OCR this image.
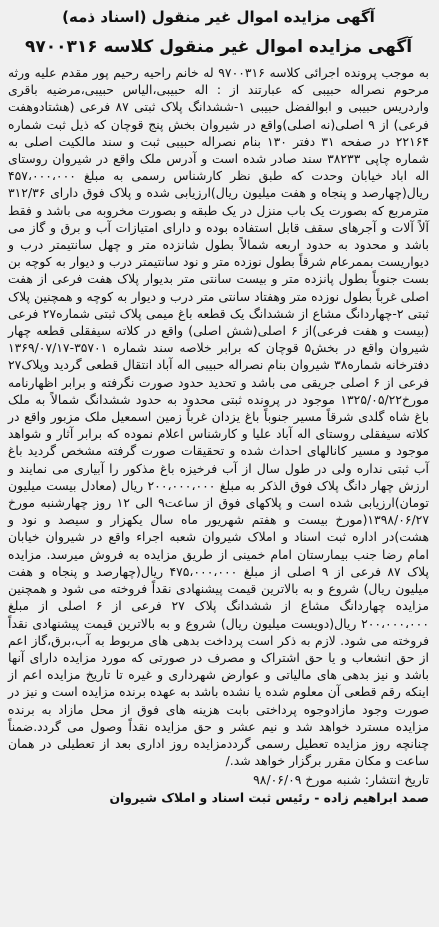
آگهی مزایده اموال غیر منقول (اسناد ذمه)
آگهی مزایده اموال غیر منقول کلاسه ۹۷۰۰۳۱۶

به موجب پرونده اجرائی کلاسه ۹۷۰۰۳۱۶ له خانم راحیه رحیم پور مقدم علیه ورثه مرحوم نصراله حبیبی که عبارتند از : اله حبیبی،الیاس حبیبی،مرضیه باقری واردریس حبیبی و ابوالفضل حبیبی ۱-ششدانگ پلاک ثبتی ۸۷ فرعی (هشتادوهفت فرعی) از ۹ اصلی(نه اصلی)واقع در شیروان بخش پنج قوچان که ذیل ثبت شماره ۲۲۱۶۴ در صفحه ۳۱ دفتر ۱۳۰ بنام نصراله حبیبی ثبت و سند مالکیت اصلی به شماره چاپی ۳۸۲۳۳ سند صادر شده است و آدرس ملک واقع در شیروان روستای اله اباد خیابان وحدت که طبق نظر کارشناس رسمی به مبلغ ۴۵۷،۰۰۰،۰۰۰ ریال(چهارصد و پنجاه و هفت میلیون ریال)ارزیابی شده و پلاک فوق دارای ۳۱۲/۳۶ مترمربع که بصورت یک باب منزل در یک طبقه و بصورت مخروبه می باشد و فقط آلاً آلات و آجرهای سقف قابل استفاده بوده و دارای امتیازات آب و برق و گاز می باشد و محدود به حدود اربعه شمالاً بطول شانزده متر و چهل سانتیمتر درب و دیواریست بممرعام شرقاً بطول نوزده متر و نود سانتیمتر درب و دیوار به کوچه بن بست جنوباً بطول پانزده متر و بیست سانتی متر بدیوار پلاک هفت فرعی از هفت اصلی غرباً بطول نوزده متر وهفتاد سانتی متر درب و دیوار به کوچه و همچنین پلاک ثبتی ۲-چهاردانگ مشاع از ششدانگ یک قطعه باغ میمی پلاک ثبتی شماره۲۷ فرعی (بیست و هفت فرعی)از ۶ اصلی(شش اصلی) واقع در کلاته سیفقلی قطعه چهار شیروان واقع در بخش۵ قوچان که برابر خلاصه سند شماره ۳۵۷۰۱-۱۳۶۹/۰۷/۱۷ دفترخانه شماره۳۸ شیروان بنام نصراله حبیبی اله آباد انتقال قطعی گردید وپلاک۲۷ فرعی از ۶ اصلی جریقی می باشد و تحدید حدود صورت نگرفته و برابر اظهارنامه مورخ۱۳۲۵/۰۵/۲۲ موجود در پرونده ثبتی محدود به حدود ششدانگ شمالاً به ملک باغ شاه گلدی شرقاً مسیر جنوباً باغ یزدان غرباً زمین اسمعیل ملک مزبور واقع در کلاته سیفقلی روستای اله آباد علیا و کارشناس اعلام نموده که برابر آثار و شواهد موجود و مسیر کانالهای احداث شده و تحقیقات صورت گرفته مشخص گردید باغ آب ثبتی نداره ولی در طول سال از آب فرخیزه باغ مذکور را آبیاری می نمایند و ارزش چهار دانگ پلاک فوق الذکر به مبلغ ۲۰۰،۰۰۰،۰۰۰ ریال (معادل بیست میلیون تومان)ارزیابی شده است و پلاکهای فوق از ساعت۹ الی ۱۲ روز چهارشنبه مورخ ۱۳۹۸/۰۶/۲۷(مورخ بیست و هفتم شهریور ماه سال یکهزار و سیصد و نود و هشت)در اداره ثبت اسناد و املاک شیروان شعبه اجراء واقع در شیروان خیابان امام رضا جنب بیمارستان امام خمینی از طریق مزایده به فروش میرسد. مزایده پلاک ۸۷ فرعی از ۹ اصلی از مبلغ ۴۷۵،۰۰۰،۰۰۰ ریال(چهارصد و پنجاه و هفت میلیون ریال) شروع و به بالاترین قیمت پیشنهادی نقداً فروخته می شود و همچنین مزایده چهاردانگ مشاع از ششدانگ پلاک ۲۷ فرعی از ۶ اصلی از مبلغ ۲۰۰،۰۰۰،۰۰۰ ریال(دویست میلیون ریال) شروع و به بالاترین قیمت پیشنهادی نقداً فروخته می شود. لازم به ذکر است پرداخت بدهی های مربوط به آب،برق،گاز اعم از حق انشعاب و یا حق اشتراک و مصرف در صورتی که مورد مزایده دارای آنها باشد و نیز بدهی های مالیاتی و عوارض شهرداری و غیره تا تاریخ مزایده اعم از اینکه رقم قطعی آن معلوم شده یا نشده باشد به عهده برنده مزایده است و نیز در صورت وجود مازادوجوه پرداختی بابت هزینه های فوق از محل مازاد به برنده مزایده مسترد خواهد شد و نیم عشر و حق مزایده نقداً وصول می گردد.ضمناً چنانچه روز مزایده تعطیل رسمی گرددمزایده روز اداری بعد از تعطیلی در همان ساعت و مکان مقرر برگزار خواهد شد./

تاریخ انتشار: شنبه مورخ ۹۸/۰۶/۰۹
صمد ابراهیم زاده - رئیس ثبت اسناد و املاک شیروان
